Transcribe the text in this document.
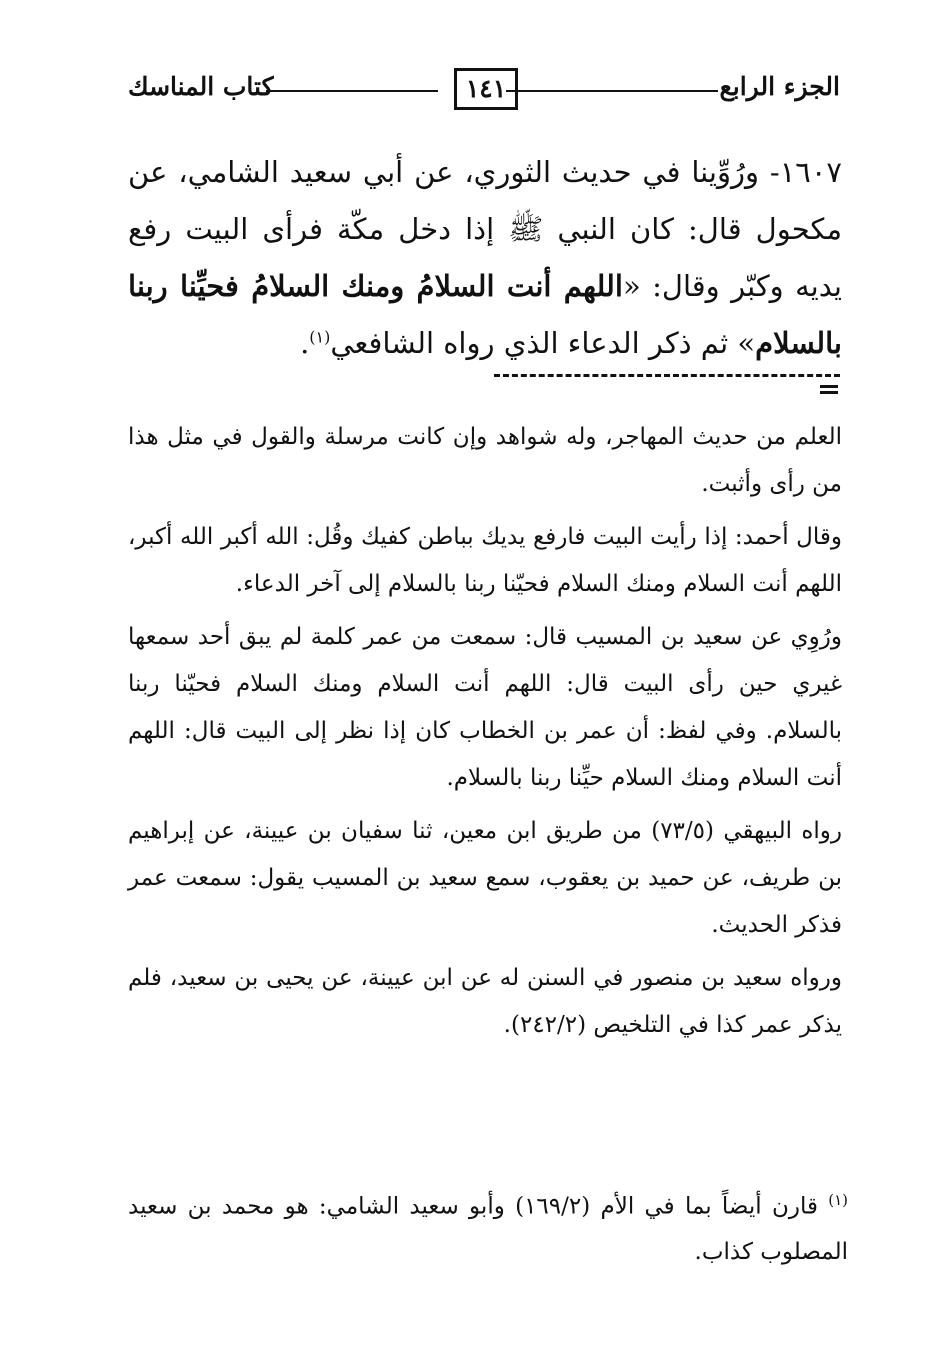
الجزء الرابع
١٤١
كتاب المناسك

١٦٠٧- ورُوِّينا في حديث الثوري، عن أبي سعيد الشامي، عن مكحول قال: كان النبي ﷺ إذا دخل مكّة فرأى البيت رفع يديه وكبّر وقال: «اللهم أنت السلامُ ومنك السلامُ فحيِّنا ربنا بالسلام» ثم ذكر الدعاء الذي رواه الشافعي$^{(١)}$.

العلم من حديث المهاجر، وله شواهد وإن كانت مرسلة والقول في مثل هذا من رأى وأثبت.

وقال أحمد: إذا رأيت البيت فارفع يديك بباطن كفيك وقُل: الله أكبر الله أكبر، اللهم أنت السلام ومنك السلام فحيّنا ربنا بالسلام إلى آخر الدعاء.

ورُوِي عن سعيد بن المسيب قال: سمعت من عمر كلمة لم يبق أحد سمعها غيري حين رأى البيت قال: اللهم أنت السلام ومنك السلام فحيّنا ربنا بالسلام. وفي لفظ: أن عمر بن الخطاب كان إذا نظر إلى البيت قال: اللهم أنت السلام ومنك السلام حيِّنا ربنا بالسلام.

رواه البيهقي (٧٣/٥) من طريق ابن معين، ثنا سفيان بن عيينة، عن إبراهيم بن طريف، عن حميد بن يعقوب، سمع سعيد بن المسيب يقول: سمعت عمر فذكر الحديث.

ورواه سعيد بن منصور في السنن له عن ابن عيينة، عن يحيى بن سعيد، فلم يذكر عمر كذا في التلخيص (٢٤٢/٢).

$^{(١)}$ قارن أيضاً بما في الأم (١٦٩/٢) وأبو سعيد الشامي: هو محمد بن سعيد المصلوب كذاب.
